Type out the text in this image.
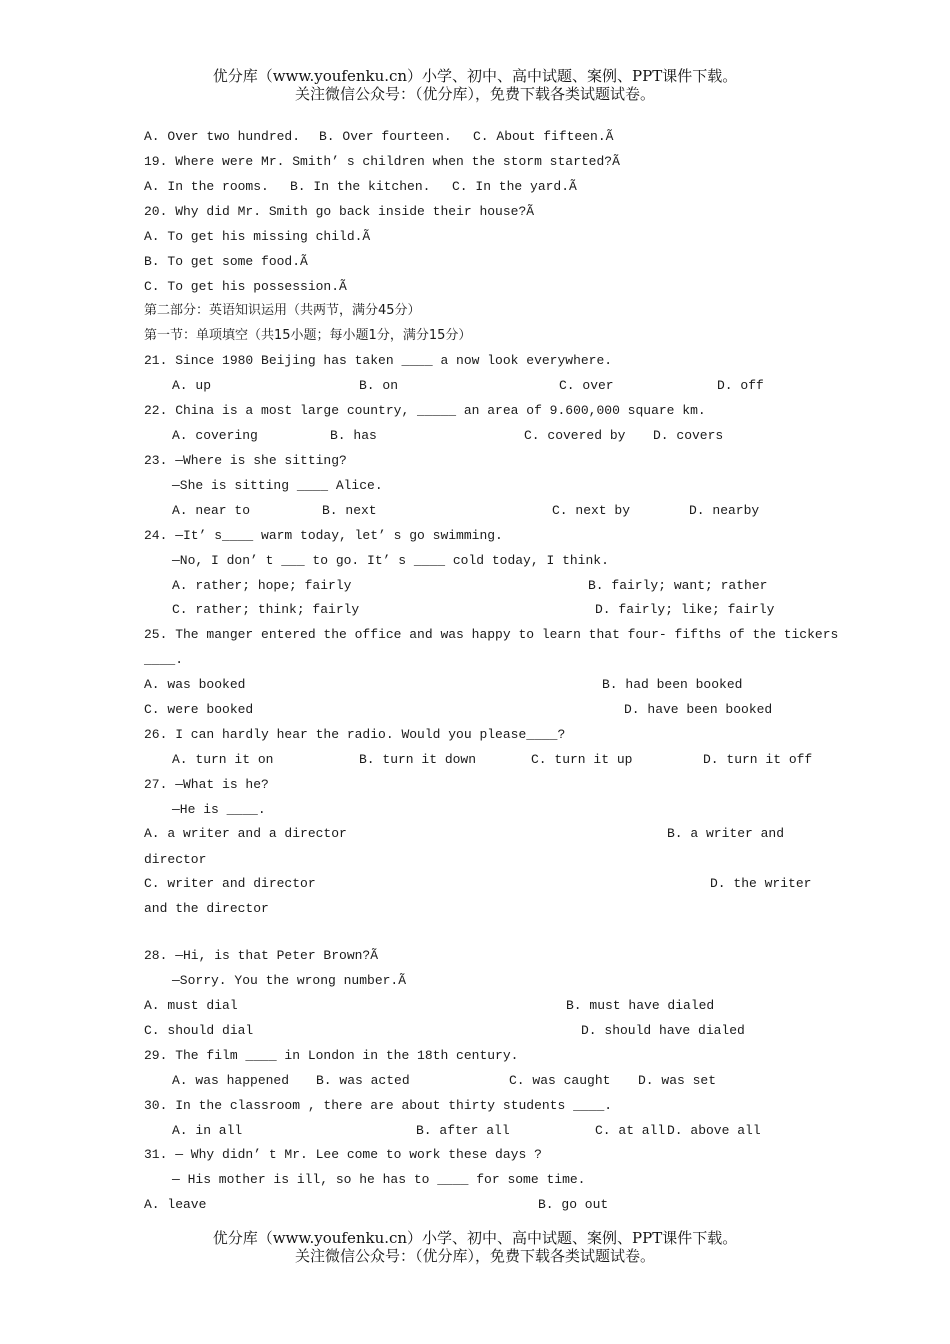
优分库（www.youfenku.cn）小学、初中、高中试题、案例、PPT课件下载。
关注微信公众号：（优分库），免费下载各类试题试卷。
A. Over two hundred. B. Over fourteen. C. About fifteen.Ã
19. Where were Mr. Smith’ s children when the storm started?Ã
A. In the rooms. B. In the kitchen. C. In the yard.Ã
20. Why did Mr. Smith go back inside their house?Ã
A. To get his missing child.Ã
B. To get some food.Ã
C. To get his possession.Ã
第二部分：英语知识运用（共两节，满分45分）
第一节：单项填空（共15小题；每小题1分，满分15分）
21. Since 1980 Beijing has taken ____ a now look everywhere.
A. up	B. on	C. over	D. off
22. China is a most large country, _____ an area of 9.600,000 square km.
A. covering	B. has	C. covered by D. covers
23. —Where is she sitting?
—She is sitting ____ Alice.
A. near to	B. next	C. next by	D. nearby
24. —It’ s____ warm today, let’ s go swimming.
—No, I don’ t ___ to go. It’ s ____ cold today, I think.
A. rather; hope; fairly	B. fairly; want; rather
C. rather; think; fairly	D. fairly; like; fairly
25. The manger entered the office and was happy to learn that four- fifths of the tickers
____.
A. was booked	B. had been booked
C. were booked	D. have been booked
26. I can hardly hear the radio. Would you please____?
A. turn it on	B. turn it down	C. turn it up	D. turn it off
27. —What is he?
—He is ____.
A. a writer and a director	B. a writer and
director
C. writer and director	D. the writer
and the director
28. —Hi, is that Peter Brown?Ã
—Sorry. You the wrong number.Ã
A. must dial	B. must have dialed
C. should dial	D. should have dialed
29. The film ____ in London in the 18th century.
A. was happened B. was acted	C. was caught D. was set
30. In the classroom , there are about thirty students ____.
A. in all	B. after all	C. at all D. above all
31. — Why didn’ t Mr. Lee come to work these days ?
— His mother is ill, so he has to ____ for some time.
A. leave	B. go out
优分库（www.youfenku.cn）小学、初中、高中试题、案例、PPT课件下载。
关注微信公众号：（优分库），免费下载各类试题试卷。
